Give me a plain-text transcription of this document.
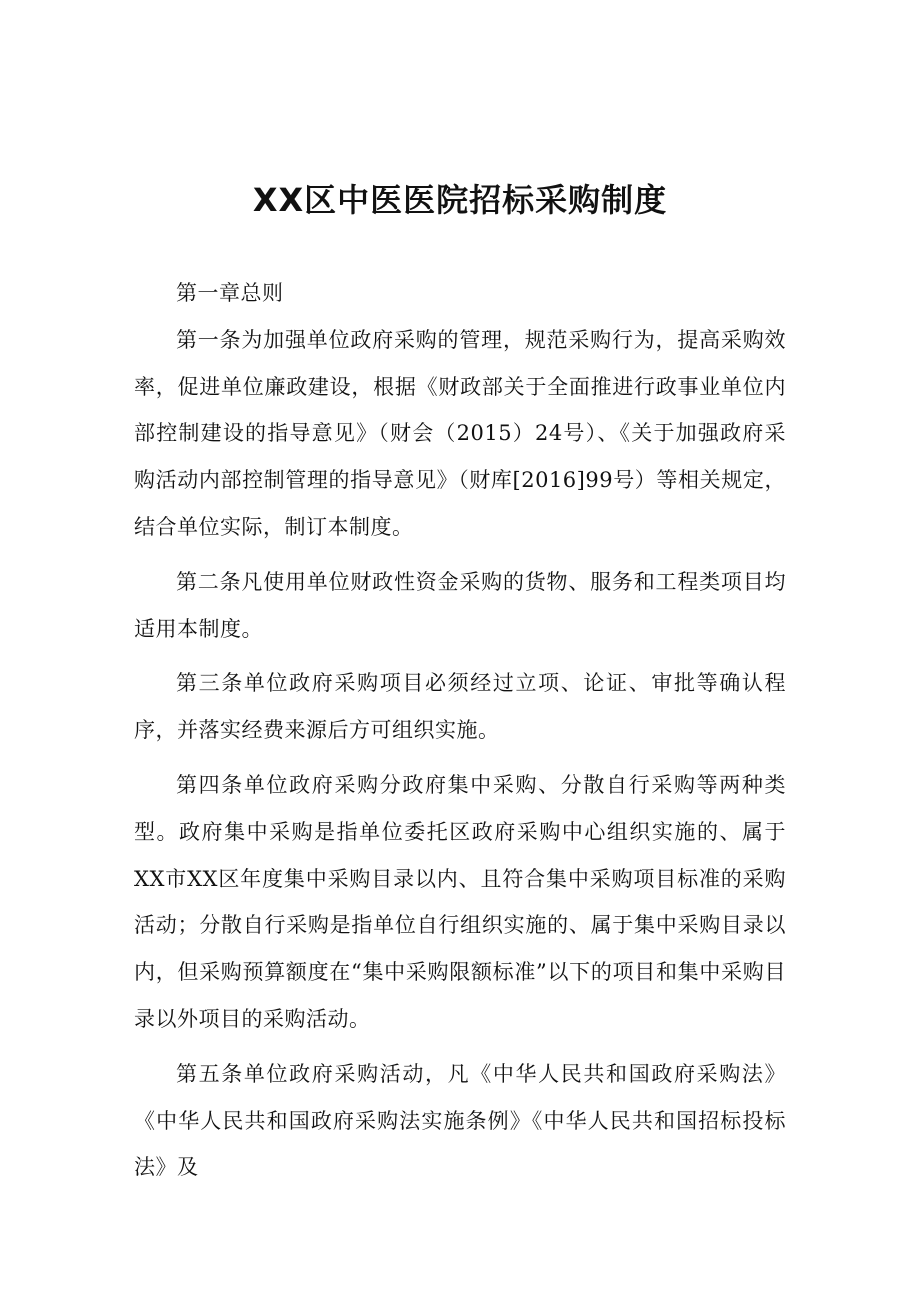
XX区中医医院招标采购制度

第一章总则

第一条为加强单位政府采购的管理，规范采购行为，提高采购效率，促进单位廉政建设，根据《财政部关于全面推进行政事业单位内部控制建设的指导意见》（财会（2015）24号）、《关于加强政府采购活动内部控制管理的指导意见》（财库[2016]99号）等相关规定，结合单位实际，制订本制度。

第二条凡使用单位财政性资金采购的货物、服务和工程类项目均适用本制度。

第三条单位政府采购项目必须经过立项、论证、审批等确认程序，并落实经费来源后方可组织实施。

第四条单位政府采购分政府集中采购、分散自行采购等两种类型。政府集中采购是指单位委托区政府采购中心组织实施的、属于XX市XX区年度集中采购目录以内、且符合集中采购项目标准的采购活动；分散自行采购是指单位自行组织实施的、属于集中采购目录以内，但采购预算额度在“集中采购限额标准”以下的项目和集中采购目录以外项目的采购活动。

第五条单位政府采购活动，凡《中华人民共和国政府采购法》《中华人民共和国政府采购法实施条例》《中华人民共和国招标投标法》及
